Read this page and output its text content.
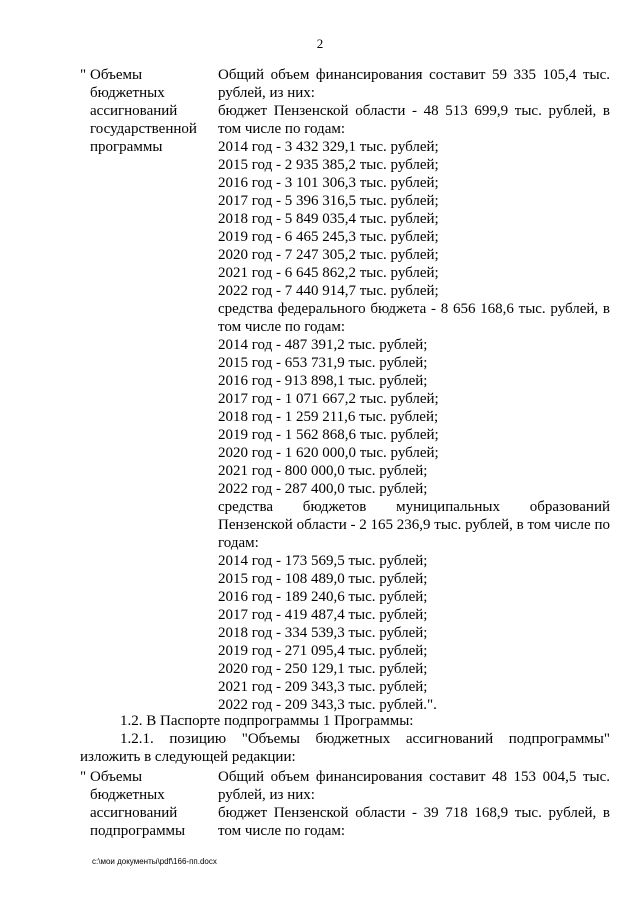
2
" Объемы бюджетных ассигнований государственной программы
Общий объем финансирования составит 59 335 105,4 тыс. рублей, из них:
бюджет Пензенской области - 48 513 699,9 тыс. рублей, в том числе по годам:
2014 год - 3 432 329,1 тыс. рублей;
2015 год - 2 935 385,2 тыс. рублей;
2016 год - 3 101 306,3 тыс. рублей;
2017 год - 5 396 316,5 тыс. рублей;
2018 год - 5 849 035,4 тыс. рублей;
2019 год - 6 465 245,3 тыс. рублей;
2020 год - 7 247 305,2 тыс. рублей;
2021 год - 6 645 862,2 тыс. рублей;
2022 год - 7 440 914,7 тыс. рублей;
средства федерального бюджета - 8 656 168,6 тыс. рублей, в том числе по годам:
2014 год - 487 391,2 тыс. рублей;
2015 год - 653 731,9 тыс. рублей;
2016 год - 913 898,1 тыс. рублей;
2017 год - 1 071 667,2 тыс. рублей;
2018 год - 1 259 211,6 тыс. рублей;
2019 год - 1 562 868,6 тыс. рублей;
2020 год - 1 620 000,0 тыс. рублей;
2021 год - 800 000,0 тыс. рублей;
2022 год - 287 400,0 тыс. рублей;
средства бюджетов муниципальных образований Пензенской области - 2 165 236,9 тыс. рублей, в том числе по годам:
2014 год - 173 569,5 тыс. рублей;
2015 год - 108 489,0 тыс. рублей;
2016 год - 189 240,6 тыс. рублей;
2017 год - 419 487,4 тыс. рублей;
2018 год - 334 539,3 тыс. рублей;
2019 год - 271 095,4 тыс. рублей;
2020 год - 250 129,1 тыс. рублей;
2021 год - 209 343,3 тыс. рублей;
2022 год - 209 343,3 тыс. рублей.".
1.2. В Паспорте подпрограммы 1 Программы:
1.2.1. позицию "Объемы бюджетных ассигнований подпрограммы" изложить в следующей редакции:
" Объемы бюджетных ассигнований подпрограммы
Общий объем финансирования составит 48 153 004,5 тыс. рублей, из них:
бюджет Пензенской области - 39 718 168,9 тыс. рублей, в том числе по годам:
c:\мои документы\pdf\166-пп.docx
